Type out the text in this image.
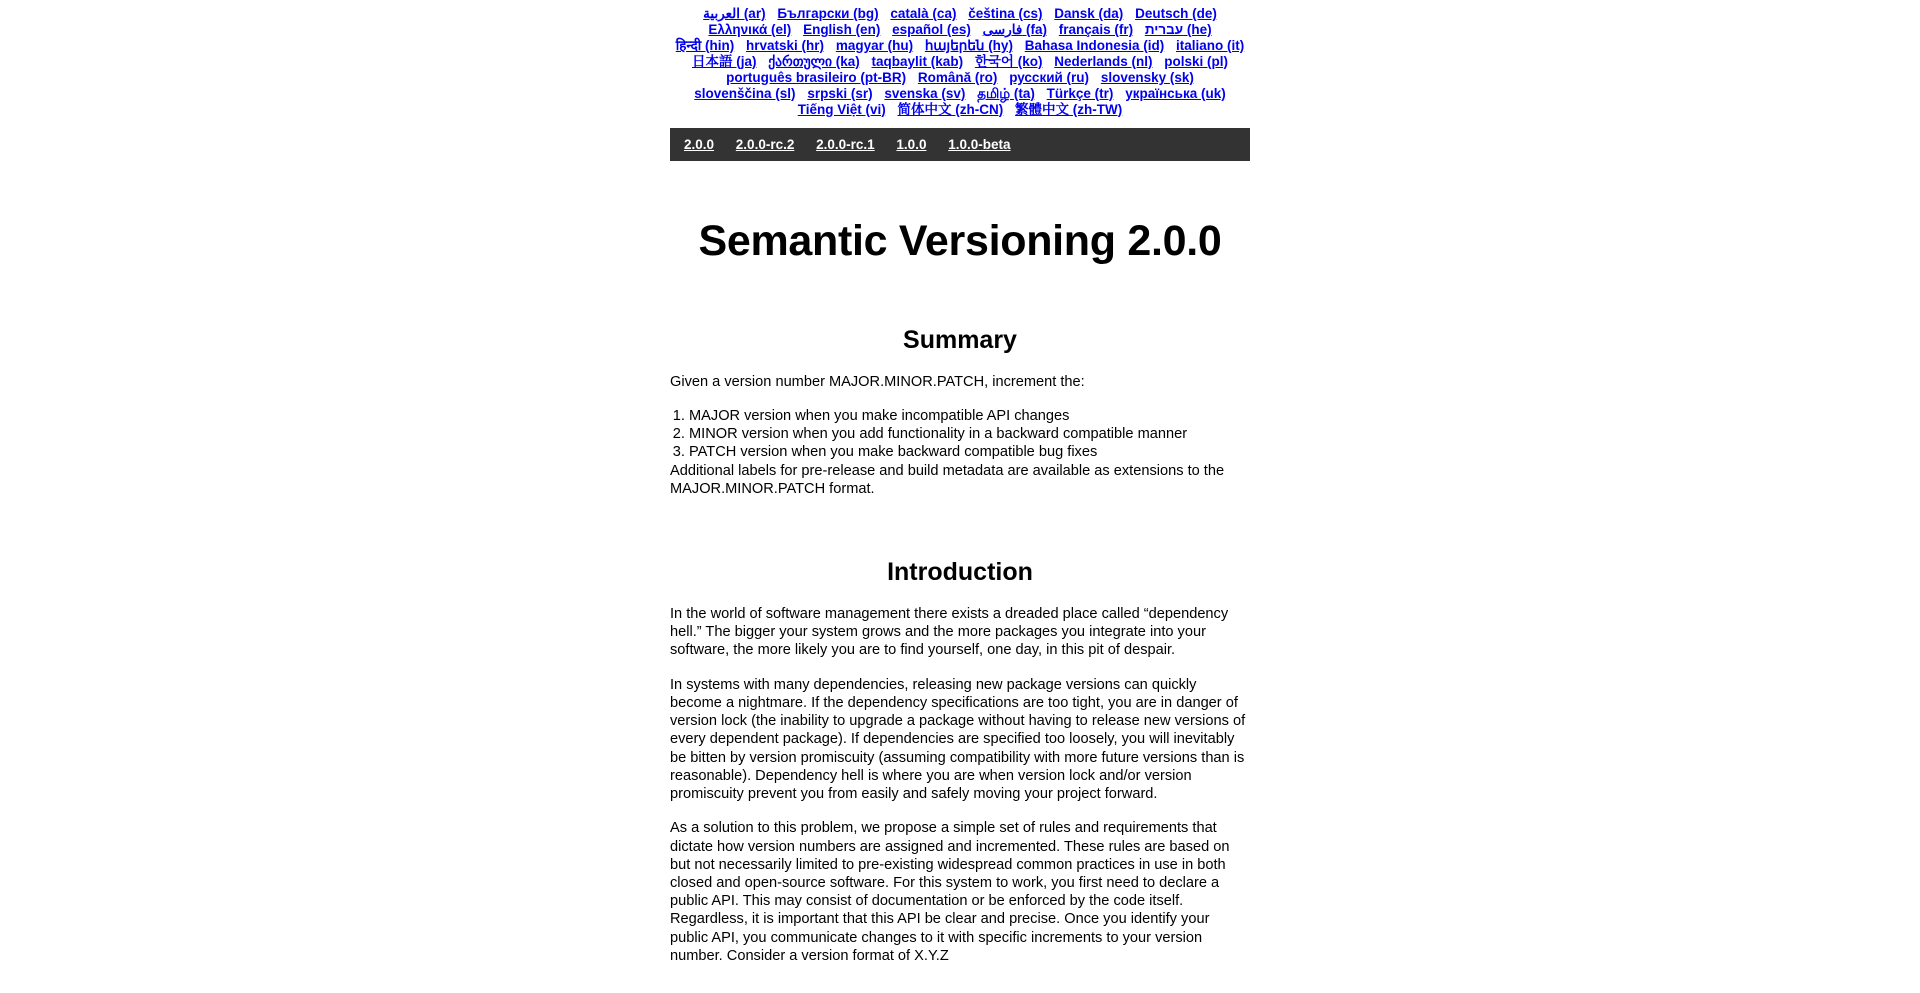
العربية (ar) Български (bg) català (ca) čeština (cs) Dansk (da) Deutsch (de) Ελληνικά (el) English (en) español (es) فارسی (fa) français (fr) עברית (he) हिन्दी (hin) hrvatski (hr) magyar (hu) հայերեն (hy) Bahasa Indonesia (id) italiano (it) 日本語 (ja) ქართული (ka) taqbaylit (kab) 한국어 (ko) Nederlands (nl) polski (pl) português brasileiro (pt-BR) Română (ro) русский (ru) slovensky (sk) slovenščina (sl) srpski (sr) svenska (sv) தமிழ் (ta) Türkçe (tr) українська (uk) Tiếng Việt (vi) 简体中文 (zh-CN) 繁體中文 (zh-TW)
2.0.0 2.0.0-rc.2 2.0.0-rc.1 1.0.0 1.0.0-beta
Semantic Versioning 2.0.0
Summary

Given a version number MAJOR.MINOR.PATCH, increment the:

1. MAJOR version when you make incompatible API changes
2. MINOR version when you add functionality in a backward compatible manner
3. PATCH version when you make backward compatible bug fixes

Additional labels for pre-release and build metadata are available as extensions to the MAJOR.MINOR.PATCH format.

Introduction

In the world of software management there exists a dreaded place called “dependency hell.” The bigger your system grows and the more packages you integrate into your software, the more likely you are to find yourself, one day, in this pit of despair.

In systems with many dependencies, releasing new package versions can quickly become a nightmare. If the dependency specifications are too tight, you are in danger of version lock (the inability to upgrade a package without having to release new versions of every dependent package). If dependencies are specified too loosely, you will inevitably be bitten by version promiscuity (assuming compatibility with more future versions than is reasonable). Dependency hell is where you are when version lock and/or version promiscuity prevent you from easily and safely moving your project forward.

As a solution to this problem, we propose a simple set of rules and requirements that dictate how version numbers are assigned and incremented. These rules are based on but not necessarily limited to pre-existing widespread common practices in use in both closed and open-source software. For this system to work, you first need to declare a public API. This may consist of documentation or be enforced by the code itself. Regardless, it is important that this API be clear and precise. Once you identify your public API, you communicate changes to it with specific increments to your version number. Consider a version format of X.Y.Z
